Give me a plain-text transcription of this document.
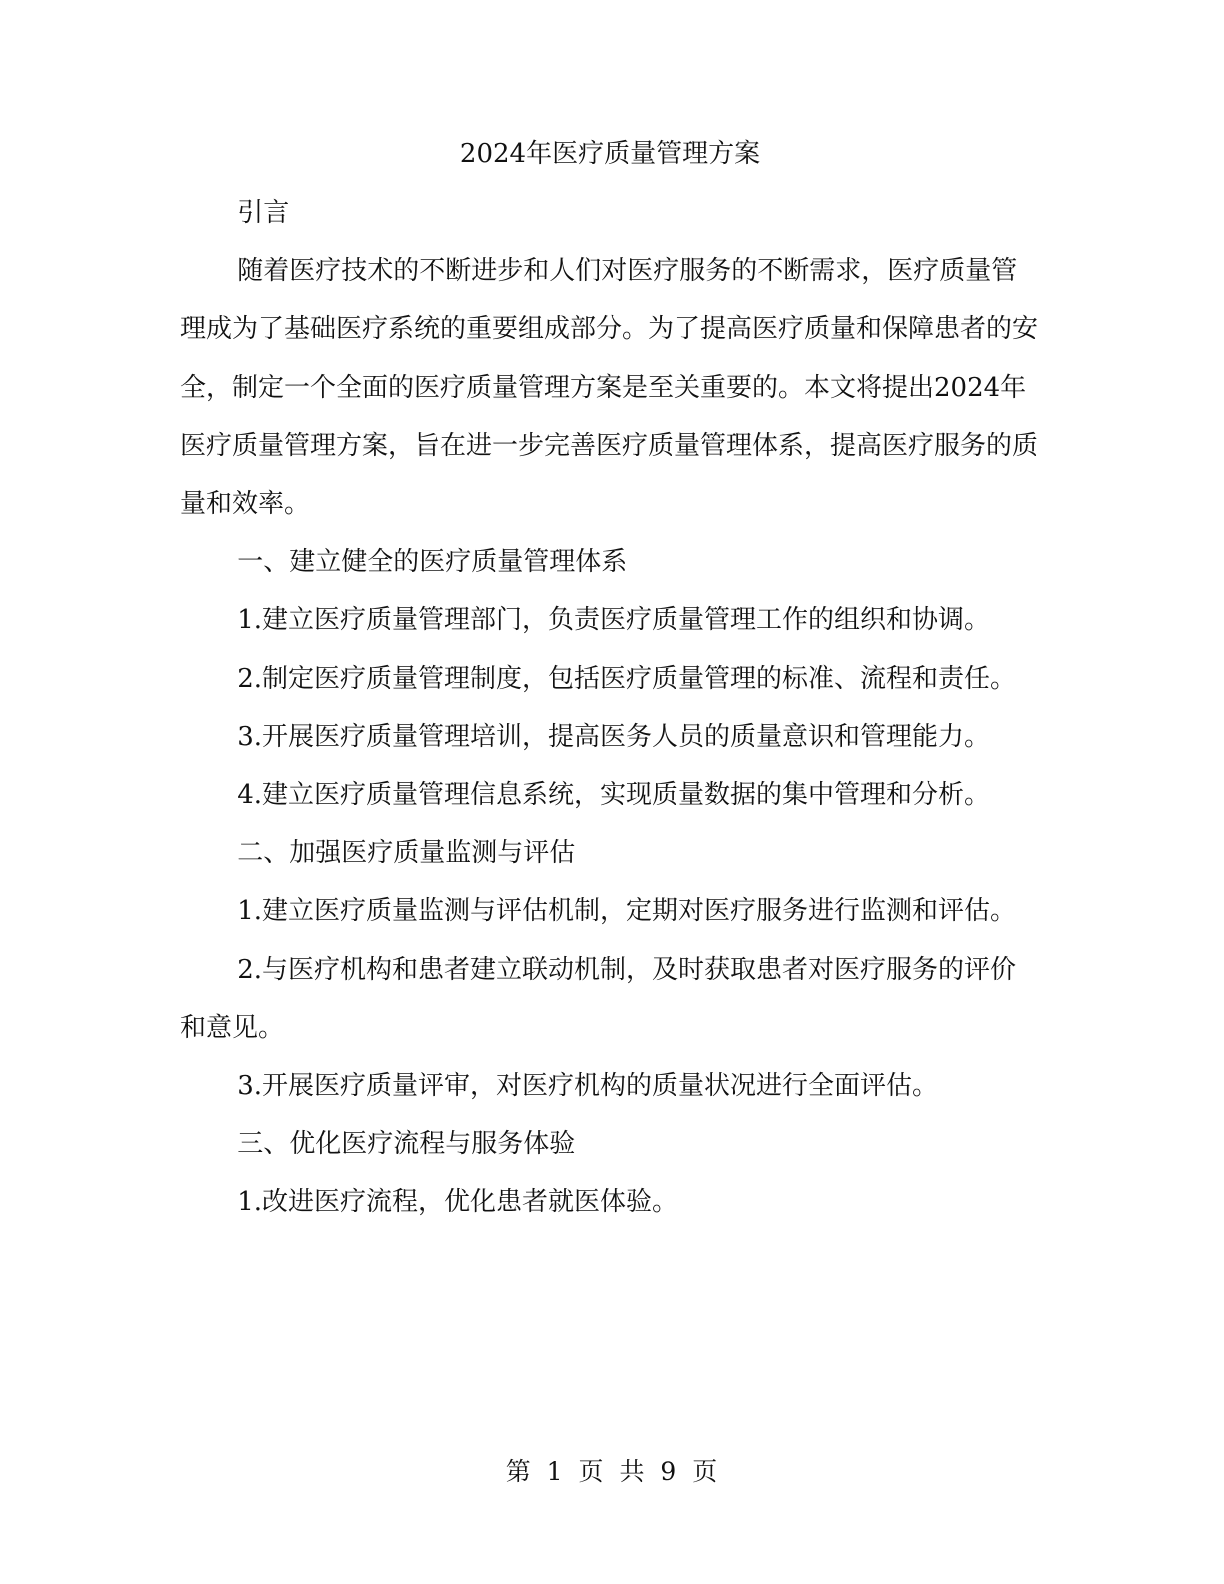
2024年医疗质量管理方案

引言

随着医疗技术的不断进步和人们对医疗服务的不断需求，医疗质量管理成为了基础医疗系统的重要组成部分。为了提高医疗质量和保障患者的安全，制定一个全面的医疗质量管理方案是至关重要的。本文将提出2024年医疗质量管理方案，旨在进一步完善医疗质量管理体系，提高医疗服务的质量和效率。

一、建立健全的医疗质量管理体系

1.建立医疗质量管理部门，负责医疗质量管理工作的组织和协调。

2.制定医疗质量管理制度，包括医疗质量管理的标准、流程和责任。

3.开展医疗质量管理培训，提高医务人员的质量意识和管理能力。

4.建立医疗质量管理信息系统，实现质量数据的集中管理和分析。

二、加强医疗质量监测与评估

1.建立医疗质量监测与评估机制，定期对医疗服务进行监测和评估。

2.与医疗机构和患者建立联动机制，及时获取患者对医疗服务的评价和意见。

3.开展医疗质量评审，对医疗机构的质量状况进行全面评估。

三、优化医疗流程与服务体验

1.改进医疗流程，优化患者就医体验。

第 1 页 共 9 页
